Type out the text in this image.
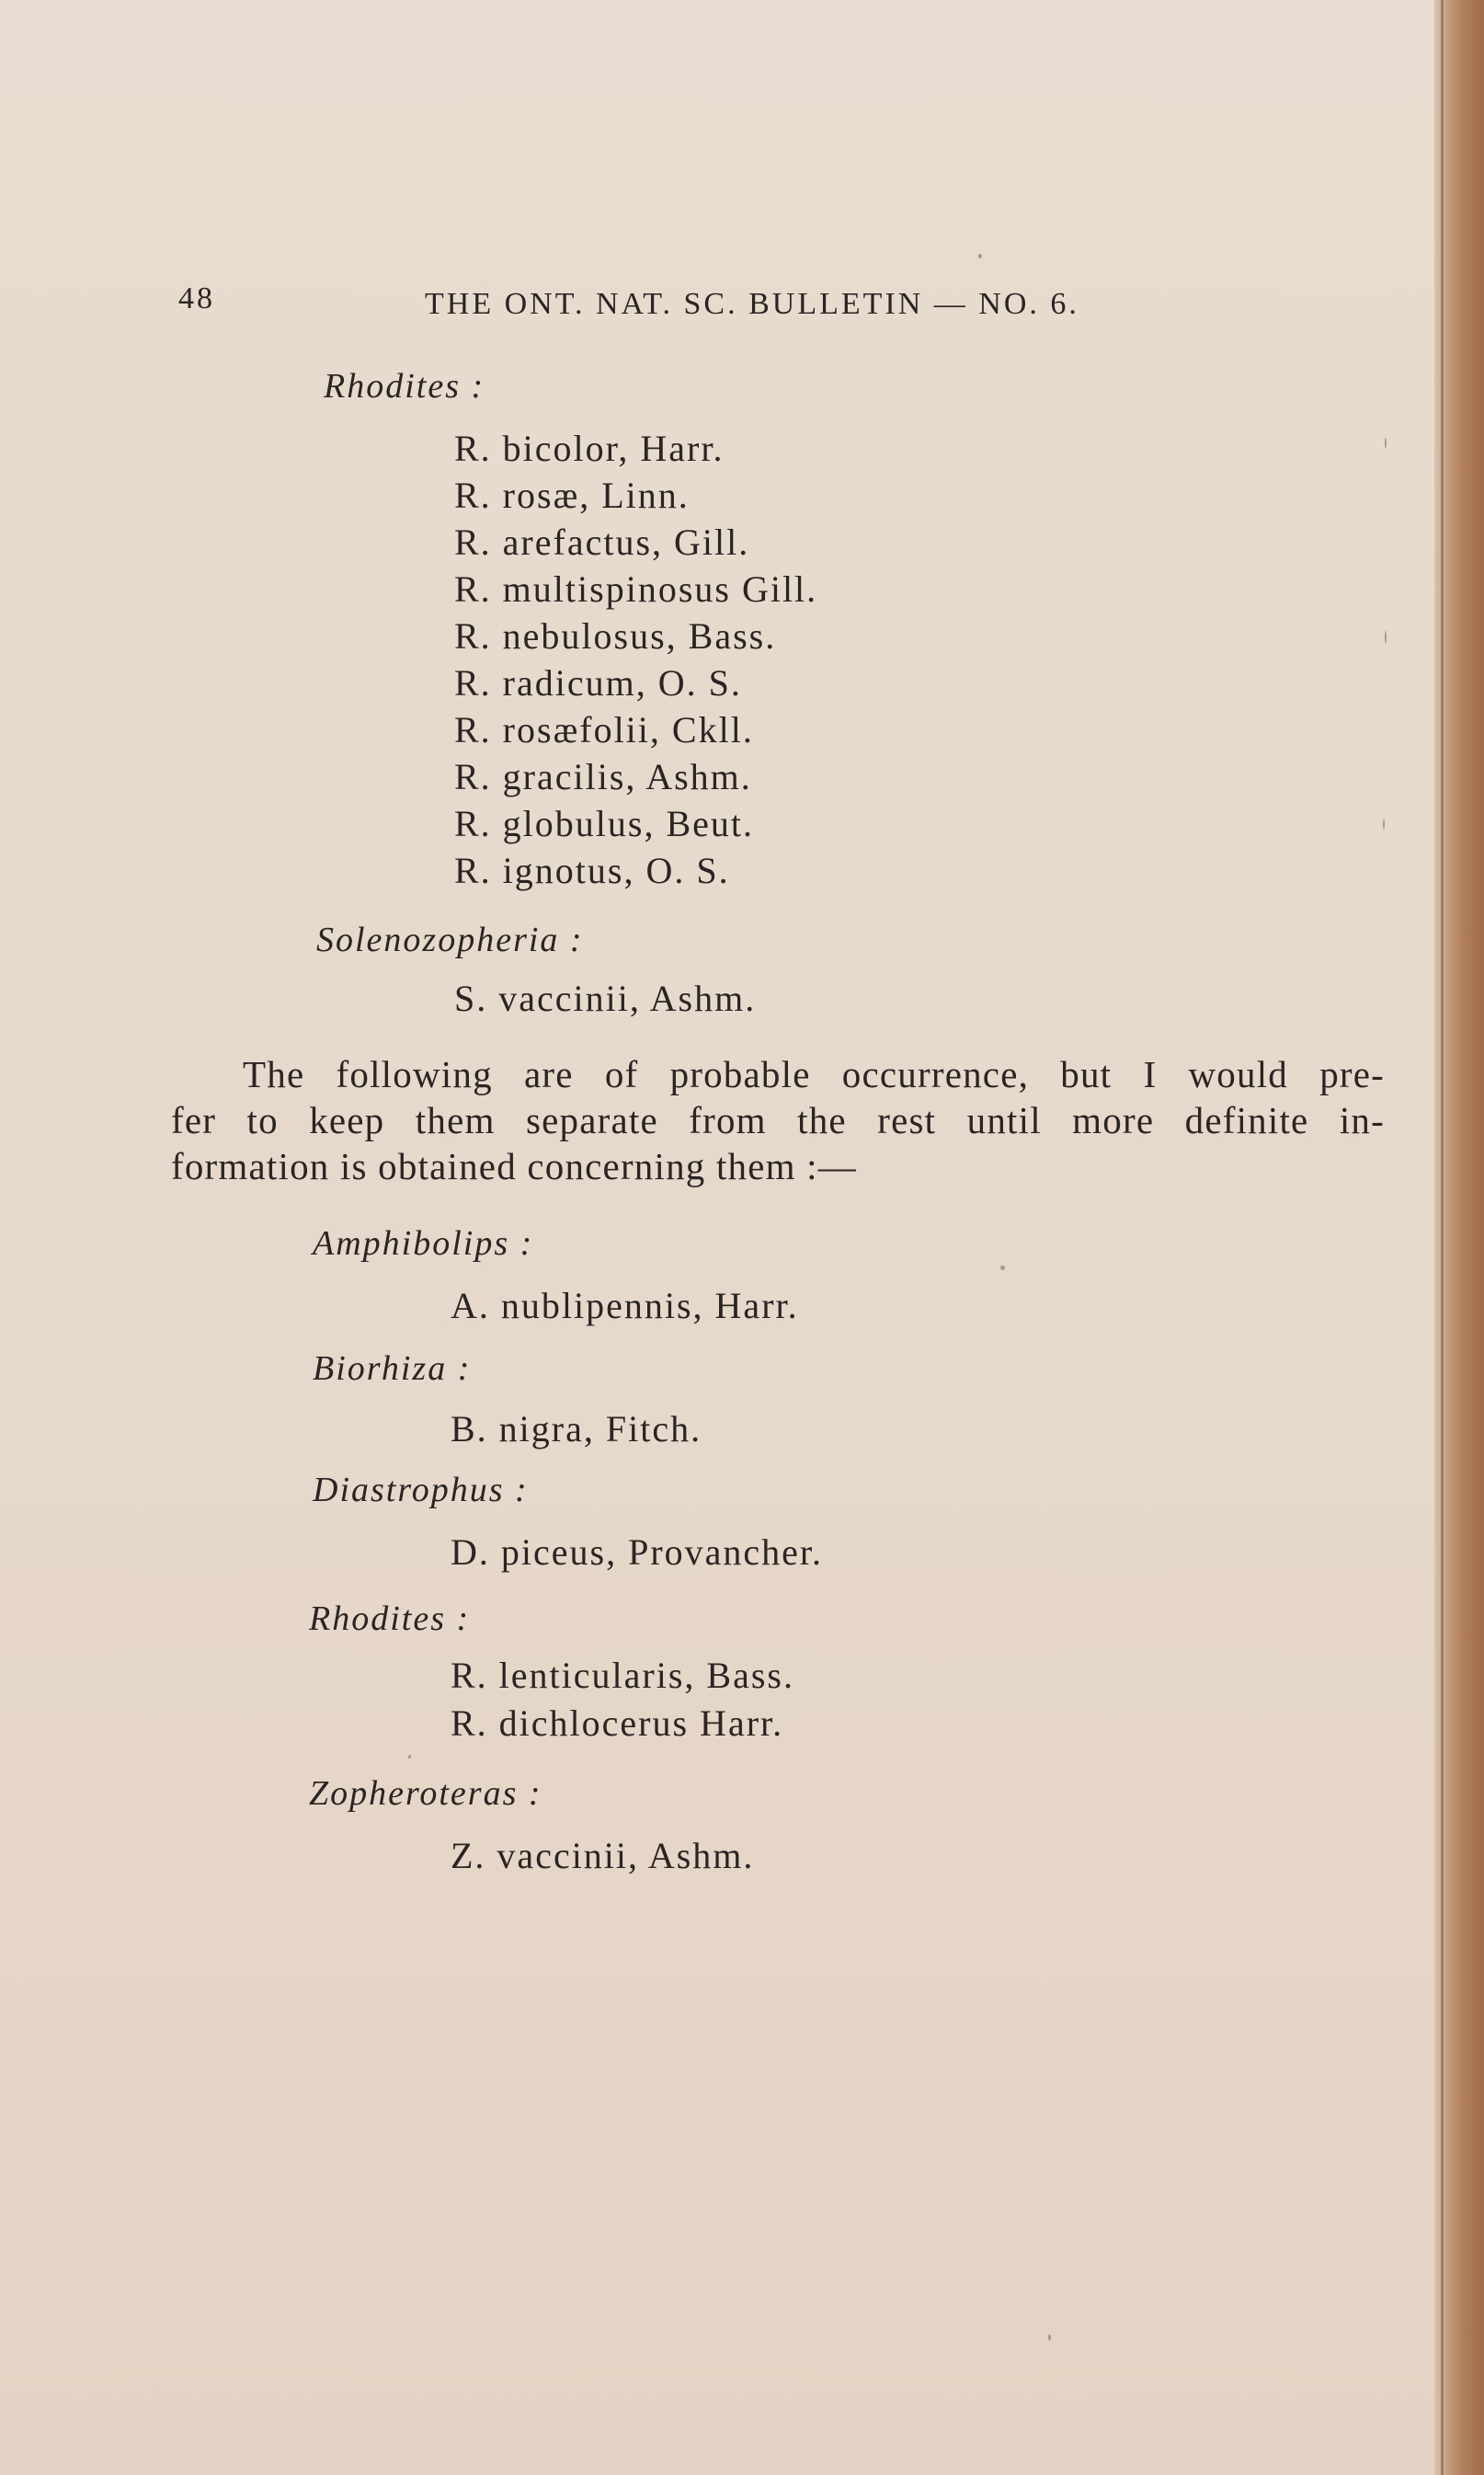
48	THE ONT. NAT. SC. BULLETIN — NO. 6.
Rhodites :
R. bicolor, Harr.
R. rosæ, Linn.
R. arefactus, Gill.
R. multispinosus Gill.
R. nebulosus, Bass.
R. radicum, O. S.
R. rosæfolii, Ckll.
R. gracilis, Ashm.
R. globulus, Beut.
R. ignotus, O. S.
Solenozopheria :
S. vaccinii, Ashm.
The following are of probable occurrence, but I would pre-
fer to keep them separate from the rest until more definite in-
formation is obtained concerning them :—
Amphibolips :
A. nublipennis, Harr.
Biorhiza :
B. nigra, Fitch.
Diastrophus :
D. piceus, Provancher.
Rhodites :
R. lenticularis, Bass.
R. dichlocerus Harr.
Zopheroteras :
Z. vaccinii, Ashm.
